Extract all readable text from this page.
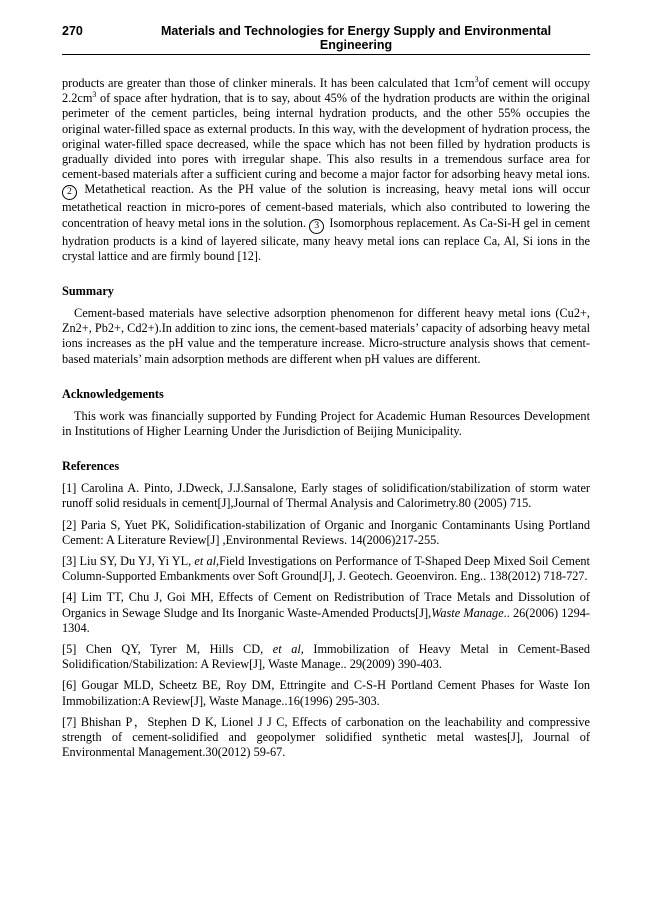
270	Materials and Technologies for Energy Supply and Environmental
Engineering

products are greater than those of clinker minerals. It has been calculated that $1cm^3of$ cement will occupy $2.2cm^3$ of space after hydration, that is to say, about 45% of the hydration products are within the original perimeter of the cement particles, being internal hydration products, and the other 55% occupies the original water-filled space as external products. In this way, with the development of hydration process, the original water-filled space decreased, while the space which has not been filled by hydration products is gradually divided into pores with irregular shape. This also results in a tremendous surface area for cement-based materials after a sufficient curing and become a major factor for adsorbing heavy metal ions. 2 Metathetical reaction. As the PH value of the solution is increasing, heavy metal ions will occur metathetical reaction in micro-pores of cement-based materials, which also contributed to lowering the concentration of heavy metal ions in the solution. 3 Isomorphous replacement. As Ca-Si-H gel in cement hydration products is a kind of layered silicate, many heavy metal ions can replace Ca, Al, Si ions in the crystal lattice and are firmly bound [12].

Summary

Cement-based materials have selective adsorption phenomenon for different heavy metal ions (Cu2+, Zn2+, Pb2+, Cd2+).In addition to zinc ions, the cement-based materials’ capacity of adsorbing heavy metal ions increases as the pH value and the temperature increase. Micro-structure analysis shows that cement-based materials’ main adsorption methods are different when pH values are different.

Acknowledgements

This work was financially supported by Funding Project for Academic Human Resources Development in Institutions of Higher Learning Under the Jurisdiction of Beijing Municipality.

References

[1] Carolina A. Pinto, J.Dweck, J.J.Sansalone, Early stages of solidification/stabilization of storm water runoff solid residuals in cement[J],Journal of Thermal Analysis and Calorimetry.80 (2005) 715.

[2] Paria S, Yuet PK, Solidification-stabilization of Organic and Inorganic Contaminants Using Portland Cement: A Literature Review[J] ,Environmental Reviews. 14(2006)217-255.

[3] Liu SY, Du YJ, Yi YL, et al,Field Investigations on Performance of T-Shaped Deep Mixed Soil Cement Column-Supported Embankments over Soft Ground[J], J. Geotech. Geoenviron. Eng.. 138(2012) 718-727.

[4] Lim TT, Chu J, Goi MH, Effects of Cement on Redistribution of Trace Metals and Dissolution of Organics in Sewage Sludge and Its Inorganic Waste-Amended Products[J],Waste Manage.. 26(2006) 1294-1304.

[5] Chen QY, Tyrer M, Hills CD, et al, Immobilization of Heavy Metal in Cement-Based Solidification/Stabilization: A Review[J], Waste Manage.. 29(2009) 390-403.

[6] Gougar MLD, Scheetz BE, Roy DM, Ettringite and C-S-H Portland Cement Phases for Waste Ion Immobilization:A Review[J], Waste Manage..16(1996) 295-303.

[7] Bhishan P，Stephen D K, Lionel J J C, Effects of carbonation on the leachability and compressive strength of cement-solidified and geopolymer solidified synthetic metal wastes[J], Journal of Environmental Management.30(2012) 59-67.
